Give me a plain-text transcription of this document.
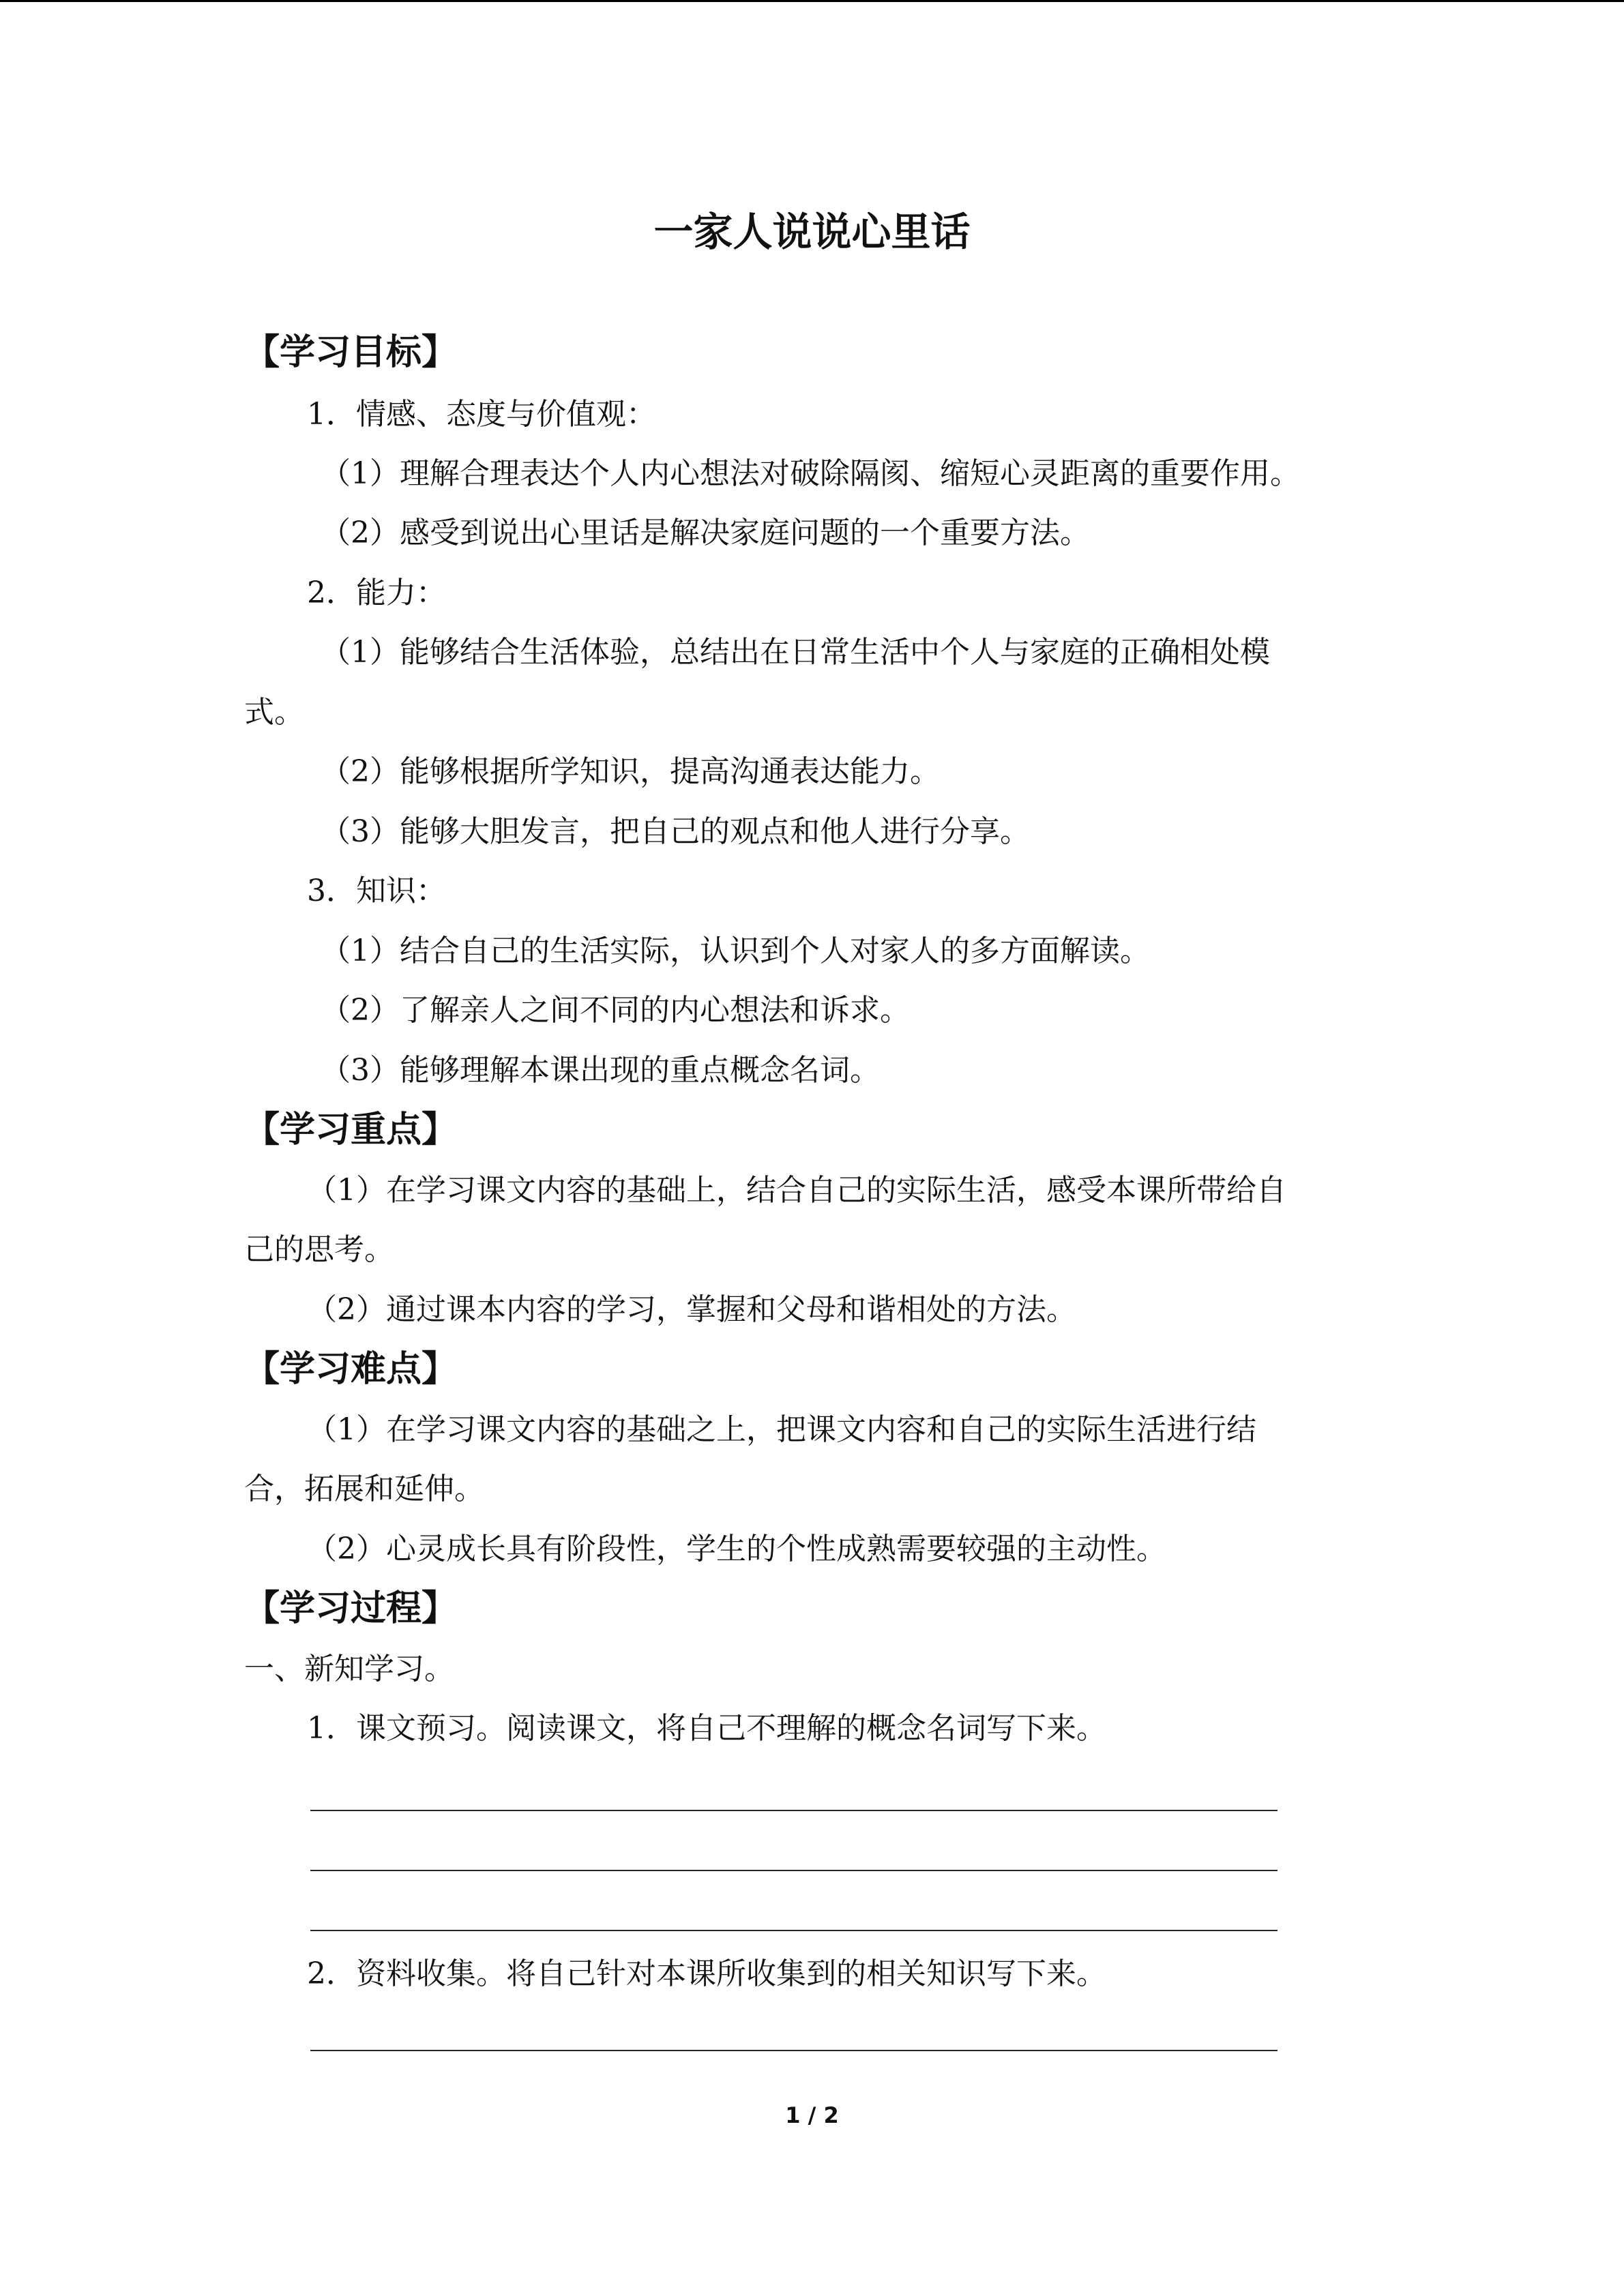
一家人说说心里话
【学习目标】
1．情感、态度与价值观：
（1）理解合理表达个人内心想法对破除隔阂、缩短心灵距离的重要作用。
（2）感受到说出心里话是解决家庭问题的一个重要方法。
2．能力：
（1）能够结合生活体验，总结出在日常生活中个人与家庭的正确相处模
式。
（2）能够根据所学知识，提高沟通表达能力。
（3）能够大胆发言，把自己的观点和他人进行分享。
3．知识：
（1）结合自己的生活实际，认识到个人对家人的多方面解读。
（2）了解亲人之间不同的内心想法和诉求。
（3）能够理解本课出现的重点概念名词。
【学习重点】
（1）在学习课文内容的基础上，结合自己的实际生活，感受本课所带给自
己的思考。
（2）通过课本内容的学习，掌握和父母和谐相处的方法。
【学习难点】
（1）在学习课文内容的基础之上，把课文内容和自己的实际生活进行结
合，拓展和延伸。
（2）心灵成长具有阶段性，学生的个性成熟需要较强的主动性。
【学习过程】
一、新知学习。
1．课文预习。阅读课文，将自己不理解的概念名词写下来。
2．资料收集。将自己针对本课所收集到的相关知识写下来。
1 / 2
